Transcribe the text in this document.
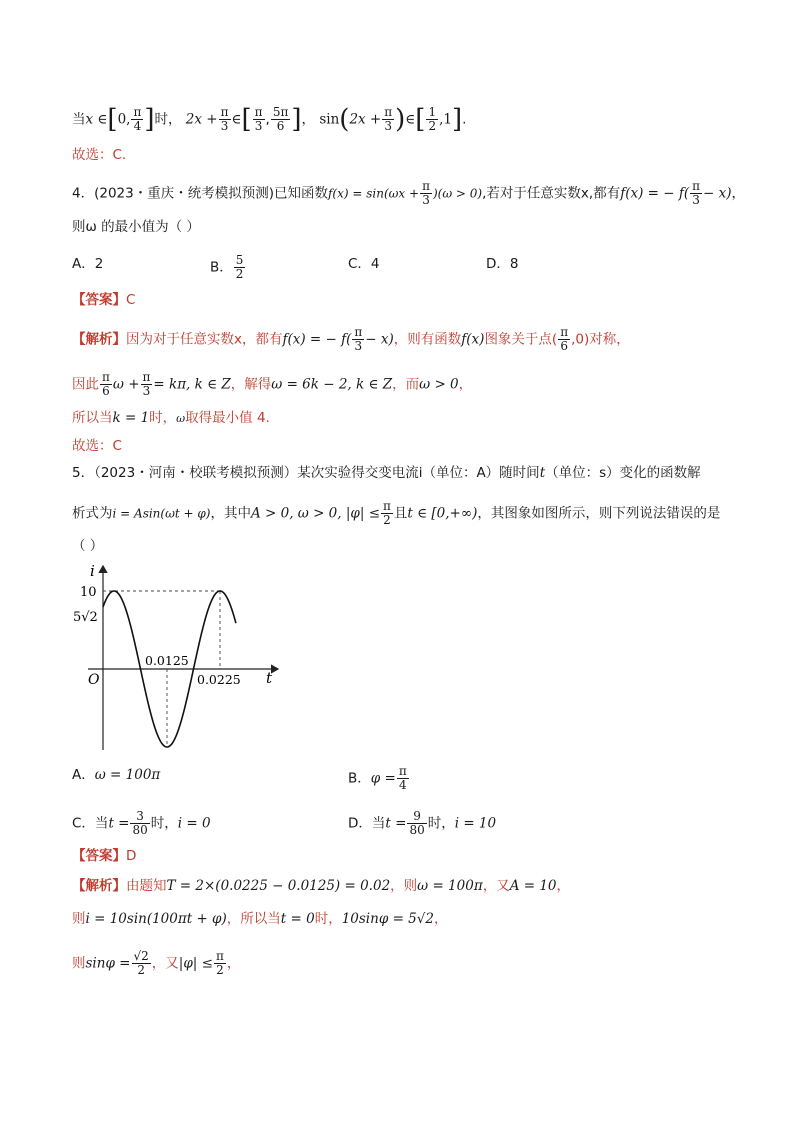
当x ∈[0, $\frac{\pi}{4}$ ]时， $2x + \frac{\pi}{3}$ ∈[ $\frac{\pi}{3}$ , $\frac{5\pi}{6}$ ]， $\sin(2x + \frac{\pi}{3}$ )∈[ $\frac{1}{2} ,1$].
故选：C.
4．(2023・重庆・统考模拟预测)已知函数$f(x) = \sin(\omega x + \frac{\pi}{3} )(\omega > 0)$,若对于任意实数x,都有f(x) = − $f( \frac{\pi}{3} - x)$，
则ω 的最小值为（ ）
A．2	B． $\frac{5}{2}$	C．4	D．8
【答案】C
【解析】因为对于任意实数x，都有f(x) = − $f( \frac{\pi}{3} - x)$，则有函数f(x)图象关于点( $\frac{\pi}{6} ,0$)对称，
因此 $\frac{\pi}{6}$ $\omega + \frac{\pi}{3} = k\pi$, k ∈ Z，解得ω = 6k − 2, k ∈ Z，而ω > 0，
所以当k = 1时，ω取得最小值 4.
故选：C
5．（2023・河南・校联考模拟预测）某次实验得交变电流i（单位：A）随时间t（单位：s）变化的函数解
析式为i = Asin(ωt + φ)，其中A > 0, ω > 0, $|\varphi| \le \frac{\pi}{2}$ 且t ∈ [0,+∞)，其图象如图所示，则下列说法错误的是
（ ）
i
t
O
10
5√2
0.0125
0.0225
A．ω = 100π	B．$\varphi = \frac{\pi}{4}$
C．当$t = \frac{3}{80}$ 时，i = 0	D．当$t = \frac{9}{80}$ 时，i = 10
【答案】D
【解析】由题知T = 2×(0.0225 − 0.0125) = 0.02，则ω = 100π，又A = 10，
则i = 10sin(100πt + φ)，所以当t = 0时，10sinφ = 5√2，
则$\sin\varphi = \frac{√2}{2}$ ，又$|\varphi| \le \frac{\pi}{2}$ ，
